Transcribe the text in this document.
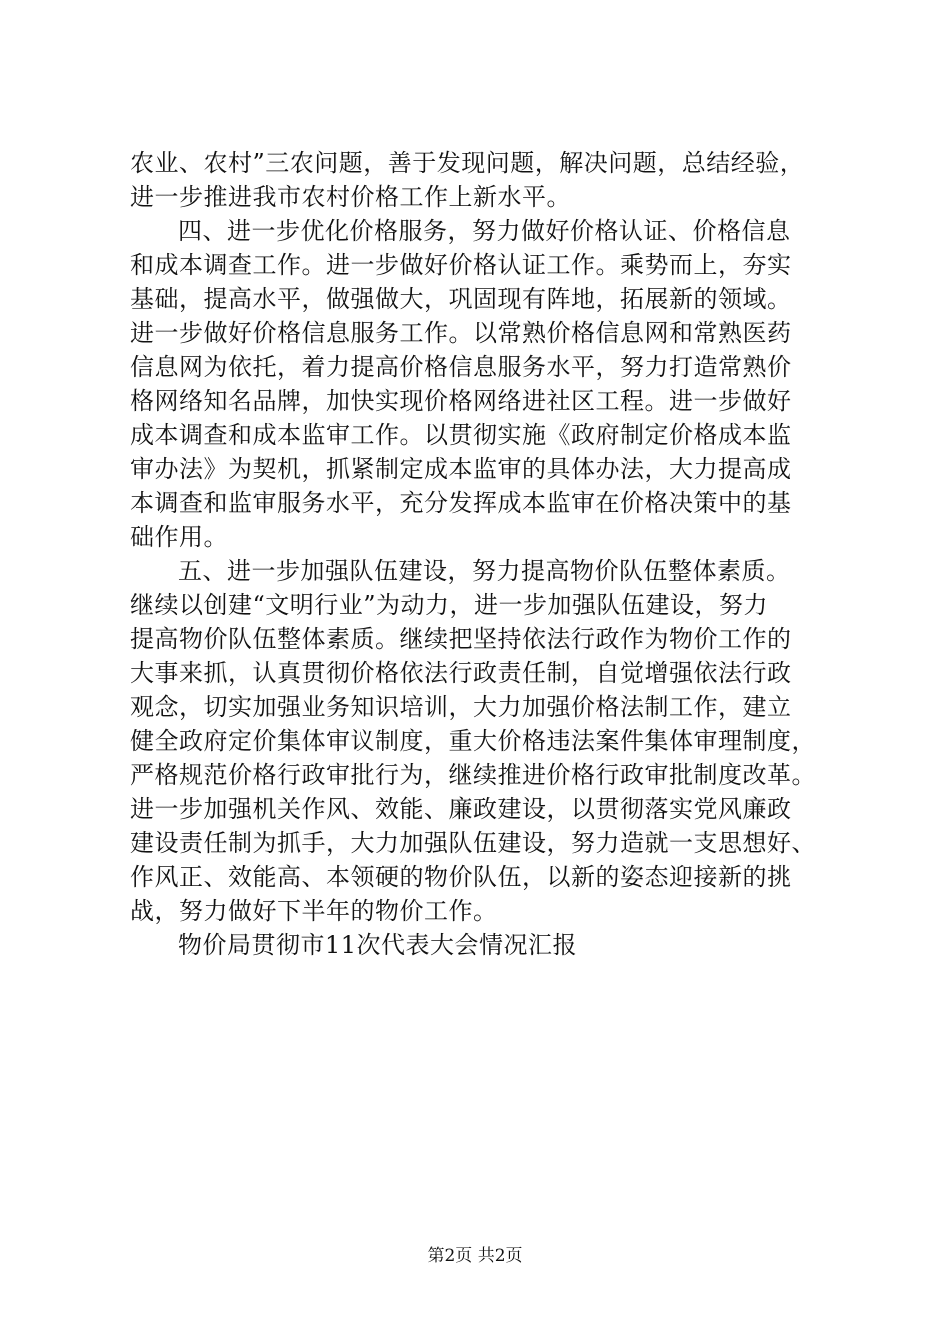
农业、农村”三农问题，善于发现问题，解决问题，总结经验，
进一步推进我市农村价格工作上新水平。
四、进一步优化价格服务，努力做好价格认证、价格信息
和成本调查工作。进一步做好价格认证工作。乘势而上，夯实
基础，提高水平，做强做大，巩固现有阵地，拓展新的领域。
进一步做好价格信息服务工作。以常熟价格信息网和常熟医药
信息网为依托，着力提高价格信息服务水平，努力打造常熟价
格网络知名品牌，加快实现价格网络进社区工程。进一步做好
成本调查和成本监审工作。以贯彻实施《政府制定价格成本监
审办法》为契机，抓紧制定成本监审的具体办法，大力提高成
本调查和监审服务水平，充分发挥成本监审在价格决策中的基
础作用。
五、进一步加强队伍建设，努力提高物价队伍整体素质。
继续以创建“文明行业”为动力，进一步加强队伍建设，努力
提高物价队伍整体素质。继续把坚持依法行政作为物价工作的
大事来抓，认真贯彻价格依法行政责任制，自觉增强依法行政
观念，切实加强业务知识培训，大力加强价格法制工作，建立
健全政府定价集体审议制度，重大价格违法案件集体审理制度，
严格规范价格行政审批行为，继续推进价格行政审批制度改革。
进一步加强机关作风、效能、廉政建设，以贯彻落实党风廉政
建设责任制为抓手，大力加强队伍建设，努力造就一支思想好、
作风正、效能高、本领硬的物价队伍，以新的姿态迎接新的挑
战，努力做好下半年的物价工作。
物价局贯彻市11次代表大会情况汇报
第2页 共2页
